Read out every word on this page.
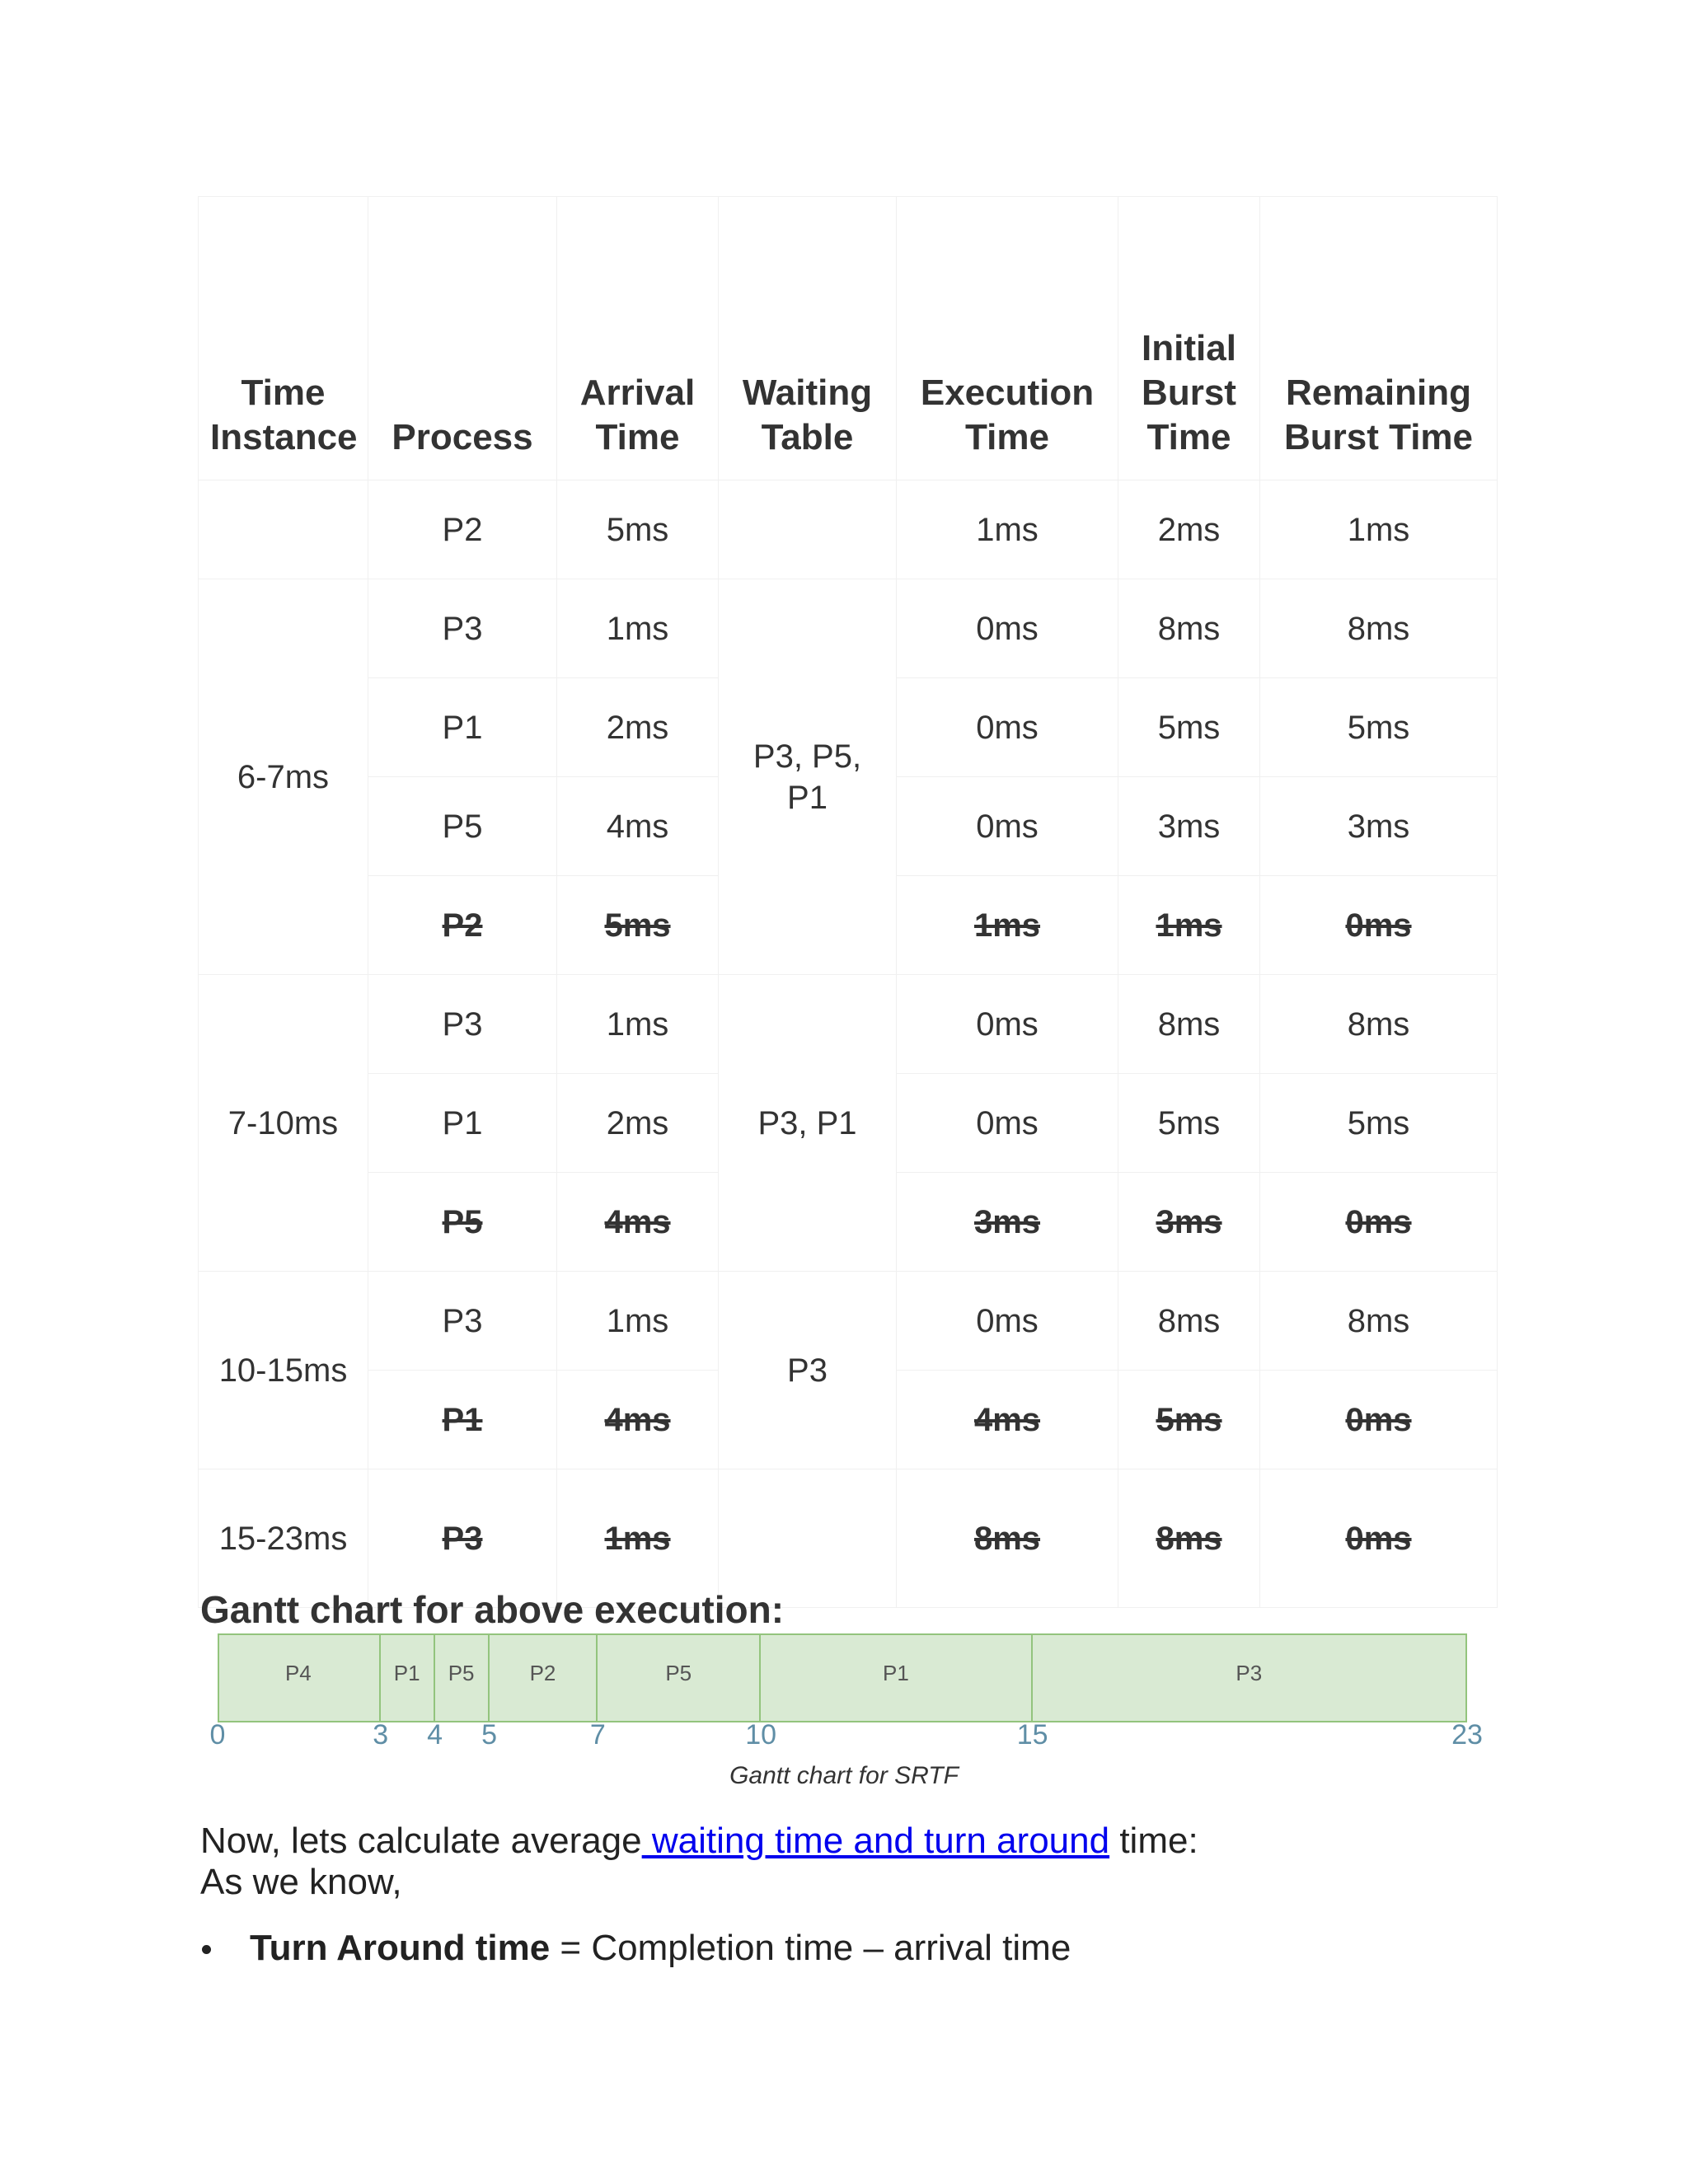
Time Instance	Process	Arrival Time	Waiting Table	Execution Time	Initial Burst Time	Remaining Burst Time
	P2	5ms		1ms	2ms	1ms
6-7ms	P3	1ms	P3, P5, P1	0ms	8ms	8ms
	P1	2ms		0ms	5ms	5ms
	P5	4ms		0ms	3ms	3ms
	P2	5ms		1ms	1ms	0ms
7-10ms	P3	1ms	P3, P1	0ms	8ms	8ms
	P1	2ms		0ms	5ms	5ms
	P5	4ms		3ms	3ms	0ms
10-15ms	P3	1ms	P3	0ms	8ms	8ms
	P1	4ms		4ms	5ms	0ms
15-23ms	P3	1ms		8ms	8ms	0ms
Gantt chart for above execution:
P4	P1 P5	P2	P5	P1	P3
0	3 4 5	7	10	15	23

Gantt chart for SRTF

Now, lets calculate average waiting time and turn around time:

As we know,

Turn Around time = Completion time – arrival time
